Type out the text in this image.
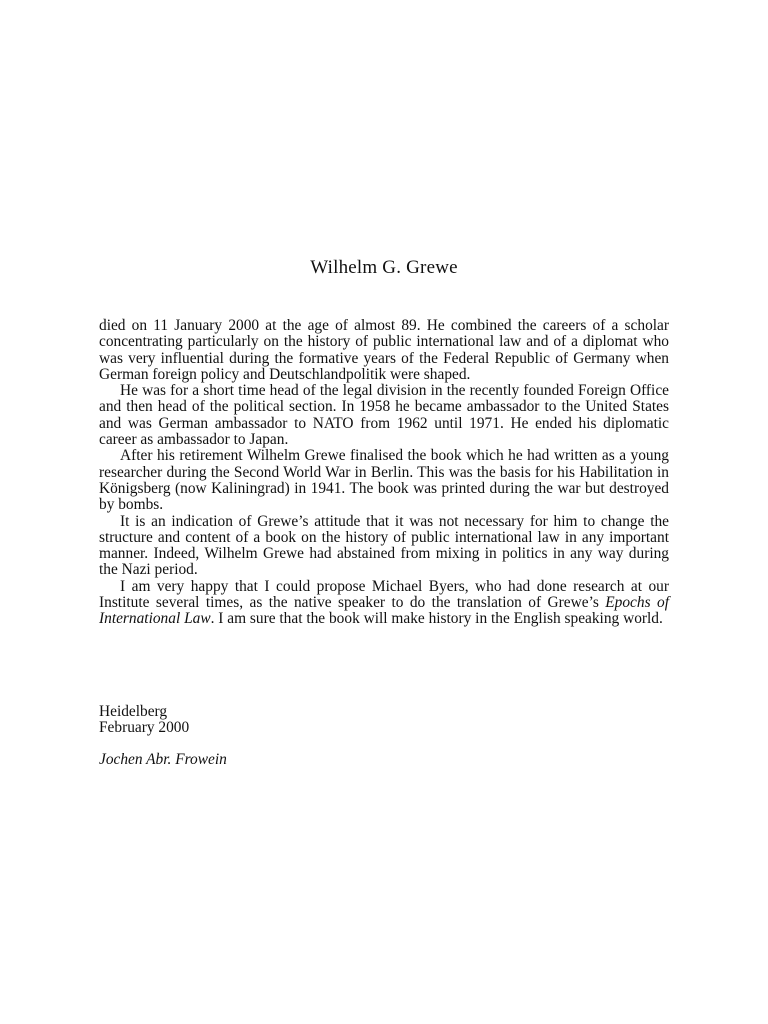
Wilhelm G. Grewe

died on 11 January 2000 at the age of almost 89. He combined the careers of a scholar concentrating particularly on the history of public international law and of a diplomat who was very influential during the formative years of the Federal Republic of Germany when German foreign policy and Deutschlandpolitik were shaped.

He was for a short time head of the legal division in the recently founded Foreign Office and then head of the political section. In 1958 he became ambassador to the United States and was German ambassador to NATO from 1962 until 1971. He ended his diplomatic career as ambassador to Japan.

After his retirement Wilhelm Grewe finalised the book which he had written as a young researcher during the Second World War in Berlin. This was the basis for his Habilitation in Königsberg (now Kaliningrad) in 1941. The book was printed during the war but destroyed by bombs.

It is an indication of Grewe’s attitude that it was not necessary for him to change the structure and content of a book on the history of public international law in any important manner. Indeed, Wilhelm Grewe had abstained from mixing in politics in any way during the Nazi period.

I am very happy that I could propose Michael Byers, who had done research at our Institute several times, as the native speaker to do the translation of Grewe’s Epochs of International Law. I am sure that the book will make history in the English speaking world.

Heidelberg
February 2000
Jochen Abr. Frowein
